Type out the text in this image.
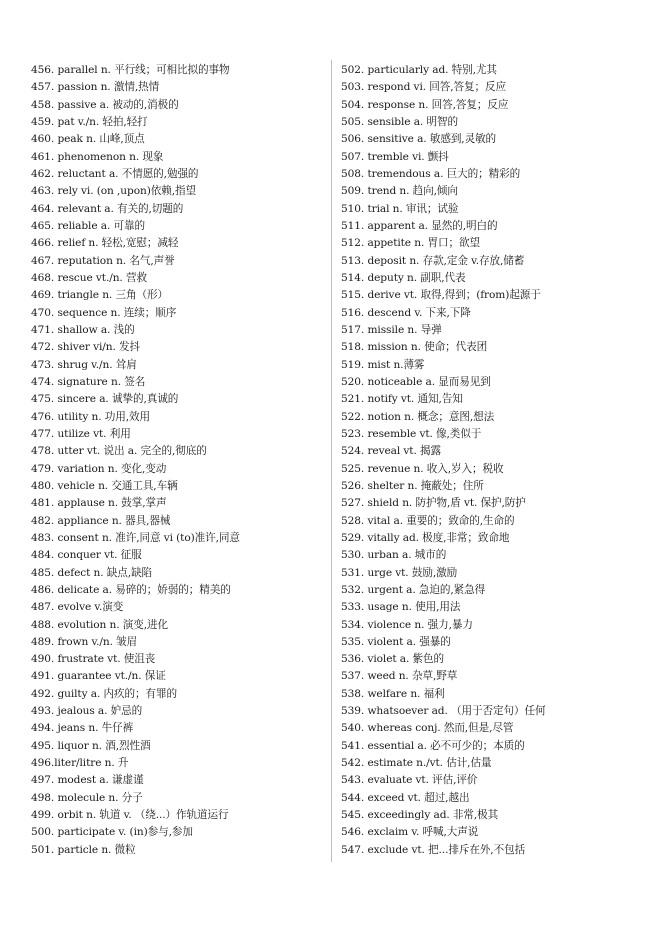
456. parallel n. 平行线；可相比拟的事物
457. passion n. 激情,热情
458. passive a. 被动的,消极的
459. pat v./n. 轻拍,轻打
460. peak n. 山峰,顶点
461. phenomenon n. 现象
462. reluctant a. 不情愿的,勉强的
463. rely vi. (on ,upon)依赖,指望
464. relevant a. 有关的,切题的
465. reliable a. 可靠的
466. relief n. 轻松,宽慰；减轻
467. reputation n. 名气,声誉
468. rescue vt./n. 营救
469. triangle n. 三角（形）
470. sequence n. 连续；顺序
471. shallow a. 浅的
472. shiver vi/n. 发抖
473. shrug v./n. 耸肩
474. signature n. 签名
475. sincere a. 诚挚的,真诚的
476. utility n. 功用,效用
477. utilize vt. 利用
478. utter vt. 说出 a. 完全的,彻底的
479. variation n. 变化,变动
480. vehicle n. 交通工具,车辆
481. applause n. 鼓掌,掌声
482. appliance n. 器具,器械
483. consent n. 准许,同意 vi (to)准许,同意
484. conquer vt. 征服
485. defect n. 缺点,缺陷
486. delicate a. 易碎的；娇弱的；精美的
487. evolve v.演变
488. evolution n. 演变,进化
489. frown v./n. 皱眉
490. frustrate vt. 使沮丧
491. guarantee vt./n. 保证
492. guilty a. 内疚的；有罪的
493. jealous a. 妒忌的
494. jeans n. 牛仔裤
495. liquor n. 酒,烈性酒
496.liter/litre n. 升
497. modest a. 谦虚谨
498. molecule n. 分子
499. orbit n. 轨道 v. （绕...）作轨道运行
500. participate v. (in)参与,参加
501. particle n. 微粒
502. particularly ad. 特别,尤其
503. respond vi. 回答,答复；反应
504. response n. 回答,答复；反应
505. sensible a. 明智的
506. sensitive a. 敏感到,灵敏的
507. tremble vi. 颤抖
508. tremendous a. 巨大的；精彩的
509. trend n. 趋向,倾向
510. trial n. 审讯；试验
511. apparent a. 显然的,明白的
512. appetite n. 胃口；欲望
513. deposit n. 存款,定金 v.存放,储蓄
514. deputy n. 副职,代表
515. derive vt. 取得,得到；(from)起源于
516. descend v. 下来,下降
517. missile n. 导弹
518. mission n. 使命；代表团
519. mist n.薄雾
520. noticeable a. 显而易见到
521. notify vt. 通知,告知
522. notion n. 概念；意图,想法
523. resemble vt. 像,类似于
524. reveal vt. 揭露
525. revenue n. 收入,岁入；税收
526. shelter n. 掩蔽处；住所
527. shield n. 防护物,盾 vt. 保护,防护
528. vital a. 重要的；致命的,生命的
529. vitally ad. 极度,非常；致命地
530. urban a. 城市的
531. urge vt. 鼓励,激励
532. urgent a. 急迫的,紧急得
533. usage n. 使用,用法
534. violence n. 强力,暴力
535. violent a. 强暴的
536. violet a. 紫色的
537. weed n. 杂草,野草
538. welfare n. 福利
539. whatsoever ad. （用于否定句）任何
540. whereas conj. 然而,但是,尽管
541. essential a. 必不可少的；本质的
542. estimate n./vt. 估计,估量
543. evaluate vt. 评估,评价
544. exceed vt. 超过,越出
545. exceedingly ad. 非常,极其
546. exclaim v. 呼喊,大声说
547. exclude vt. 把...排斥在外,不包括
